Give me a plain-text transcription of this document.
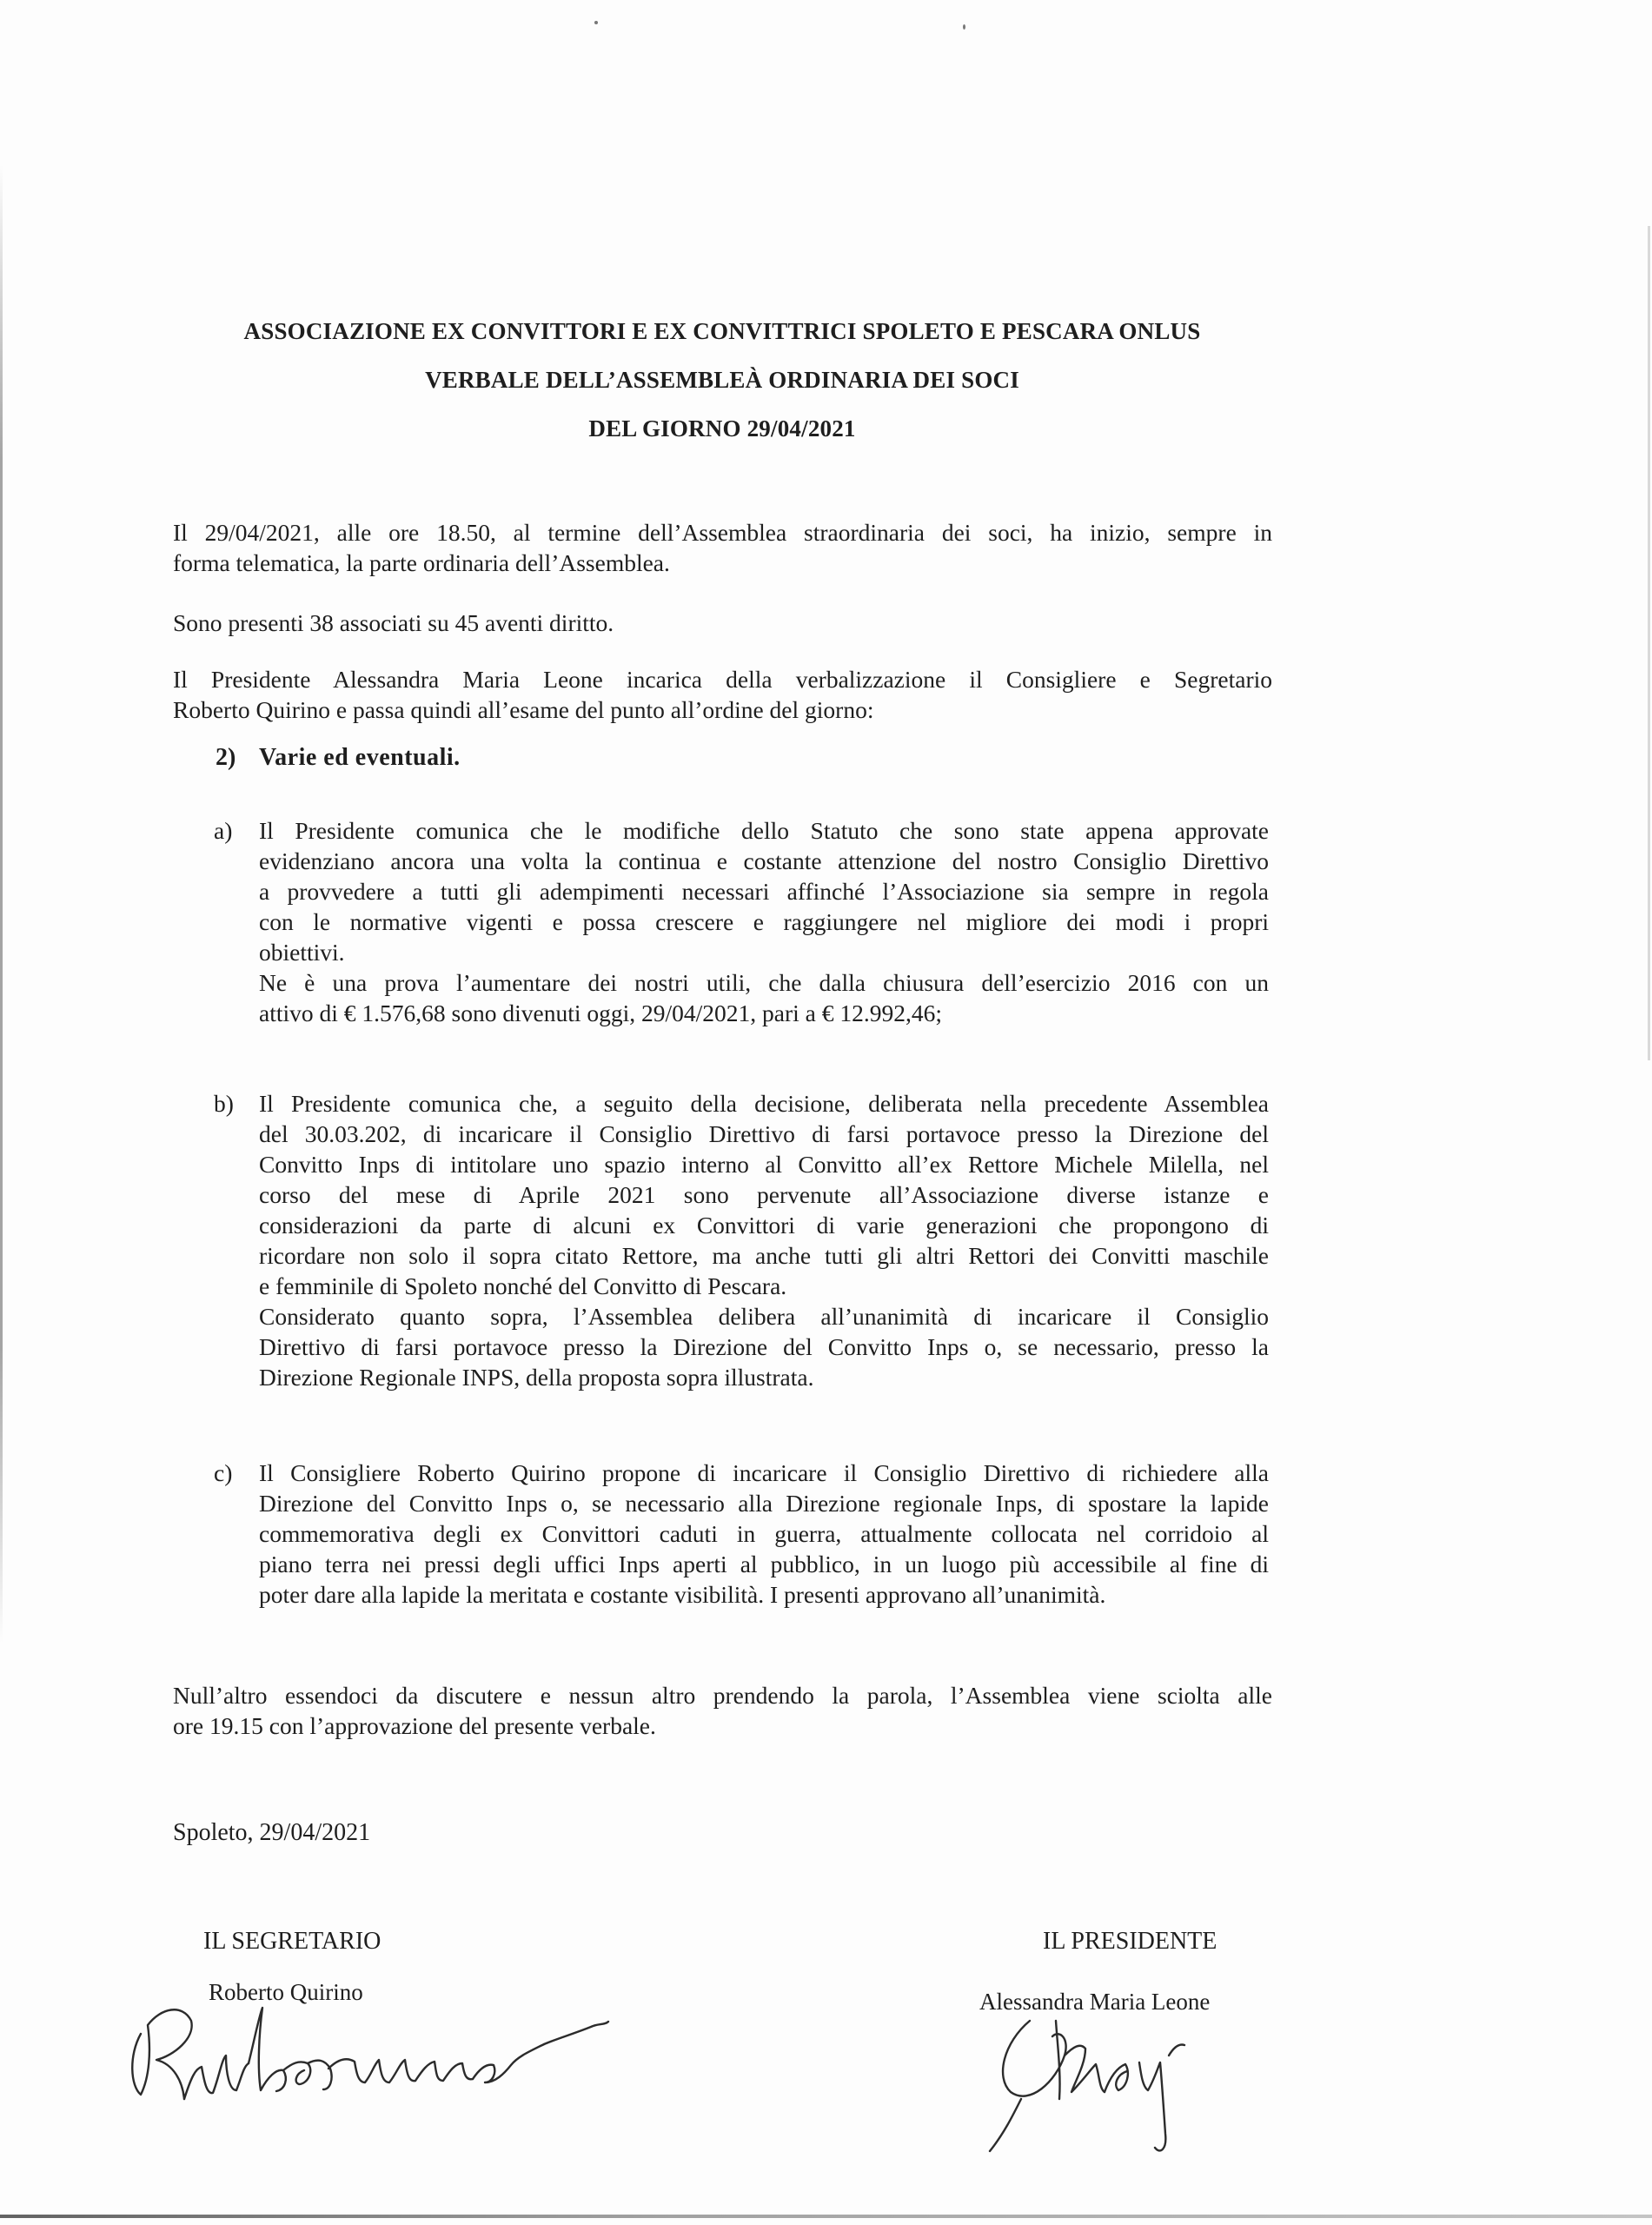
ASSOCIAZIONE EX CONVITTORI E EX CONVITTRICI SPOLETO E PESCARA ONLUS
VERBALE DELL’ASSEMBLEÀ ORDINARIA DEI SOCI
DEL GIORNO 29/04/2021
Il 29/04/2021, alle ore 18.50, al termine dell’Assemblea straordinaria dei soci, ha inizio, sempre in
forma telematica, la parte ordinaria dell’Assemblea.
Sono presenti 38 associati su 45 aventi diritto.
Il Presidente Alessandra Maria Leone incarica della verbalizzazione il Consigliere e Segretario
Roberto Quirino e passa quindi all’esame del punto all’ordine del giorno:
2) Varie ed eventuali.
a) Il Presidente comunica che le modifiche dello Statuto che sono state appena approvate
evidenziano ancora una volta la continua e costante attenzione del nostro Consiglio Direttivo
a provvedere a tutti gli adempimenti necessari affinché l’Associazione sia sempre in regola
con le normative vigenti e possa crescere e raggiungere nel migliore dei modi i propri
obiettivi.
Ne è una prova l’aumentare dei nostri utili, che dalla chiusura dell’esercizio 2016 con un
attivo di € 1.576,68 sono divenuti oggi, 29/04/2021, pari a € 12.992,46;
b) Il Presidente comunica che, a seguito della decisione, deliberata nella precedente Assemblea
del 30.03.202, di incaricare il Consiglio Direttivo di farsi portavoce presso la Direzione del
Convitto Inps di intitolare uno spazio interno al Convitto all’ex Rettore Michele Milella, nel
corso del mese di Aprile 2021 sono pervenute all’Associazione diverse istanze e
considerazioni da parte di alcuni ex Convittori di varie generazioni che propongono di
ricordare non solo il sopra citato Rettore, ma anche tutti gli altri Rettori dei Convitti maschile
e femminile di Spoleto nonché del Convitto di Pescara.
Considerato quanto sopra, l’Assemblea delibera all’unanimità di incaricare il Consiglio
Direttivo di farsi portavoce presso la Direzione del Convitto Inps o, se necessario, presso la
Direzione Regionale INPS, della proposta sopra illustrata.
c) Il Consigliere Roberto Quirino propone di incaricare il Consiglio Direttivo di richiedere alla
Direzione del Convitto Inps o, se necessario alla Direzione regionale Inps, di spostare la lapide
commemorativa degli ex Convittori caduti in guerra, attualmente collocata nel corridoio al
piano terra nei pressi degli uffici Inps aperti al pubblico, in un luogo più accessibile al fine di
poter dare alla lapide la meritata e costante visibilità. I presenti approvano all’unanimità.
Null’altro essendoci da discutere e nessun altro prendendo la parola, l’Assemblea viene sciolta alle
ore 19.15 con l’approvazione del presente verbale.
Spoleto, 29/04/2021
IL SEGRETARIO
Roberto Quirino
IL PRESIDENTE
Alessandra Maria Leone
